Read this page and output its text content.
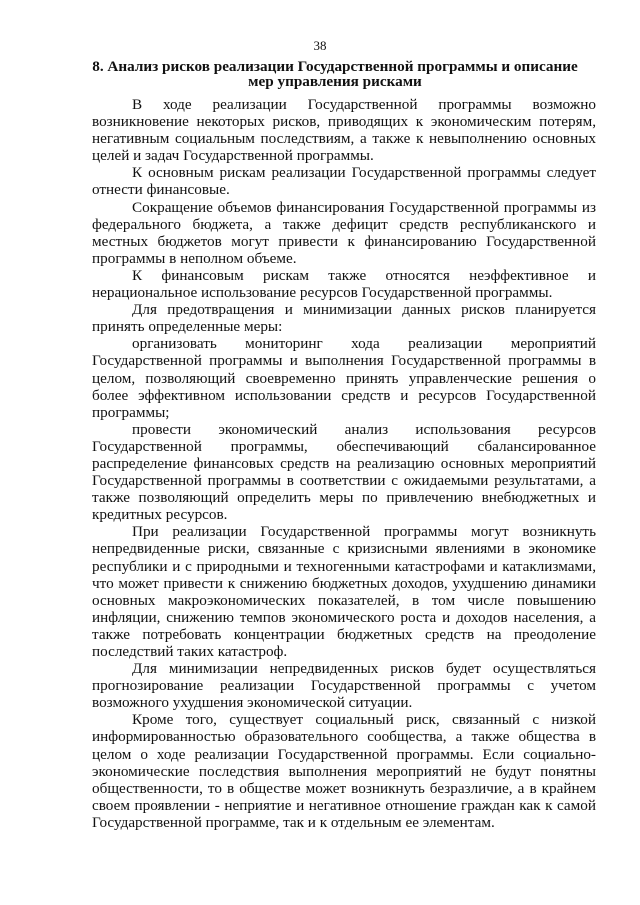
38
8. Анализ рисков реализации Государственной программы и описание мер управления рисками

В ходе реализации Государственной программы возможно возникновение некоторых рисков, приводящих к экономическим потерям, негативным социальным последствиям, а также к невыполнению основных целей и задач Государственной программы.

К основным рискам реализации Государственной программы следует отнести финансовые.

Сокращение объемов финансирования Государственной программы из федерального бюджета, а также дефицит средств республиканского и местных бюджетов могут привести к финансированию Государственной программы в неполном объеме.

К финансовым рискам также относятся неэффективное и нерациональное использование ресурсов Государственной программы.

Для предотвращения и минимизации данных рисков планируется принять определенные меры:

организовать мониторинг хода реализации мероприятий Государственной программы и выполнения Государственной программы в целом, позволяющий своевременно принять управленческие решения о более эффективном использовании средств и ресурсов Государственной программы;

провести экономический анализ использования ресурсов Государственной программы, обеспечивающий сбалансированное распределение финансовых средств на реализацию основных мероприятий Государственной программы в соответствии с ожидаемыми результатами, а также позволяющий определить меры по привлечению внебюджетных и кредитных ресурсов.

При реализации Государственной программы могут возникнуть непредвиденные риски, связанные с кризисными явлениями в экономике республики и с природными и техногенными катастрофами и катаклизмами, что может привести к снижению бюджетных доходов, ухудшению динамики основных макроэкономических показателей, в том числе повышению инфляции, снижению темпов экономического роста и доходов населения, а также потребовать концентрации бюджетных средств на преодоление последствий таких катастроф.

Для минимизации непредвиденных рисков будет осуществляться прогнозирование реализации Государственной программы с учетом возможного ухудшения экономической ситуации.

Кроме того, существует социальный риск, связанный с низкой информированностью образовательного сообщества, а также общества в целом о ходе реализации Государственной программы. Если социально-экономические последствия выполнения мероприятий не будут понятны общественности, то в обществе может возникнуть безразличие, а в крайнем своем проявлении - неприятие и негативное отношение граждан как к самой Государственной программе, так и к отдельным ее элементам.
